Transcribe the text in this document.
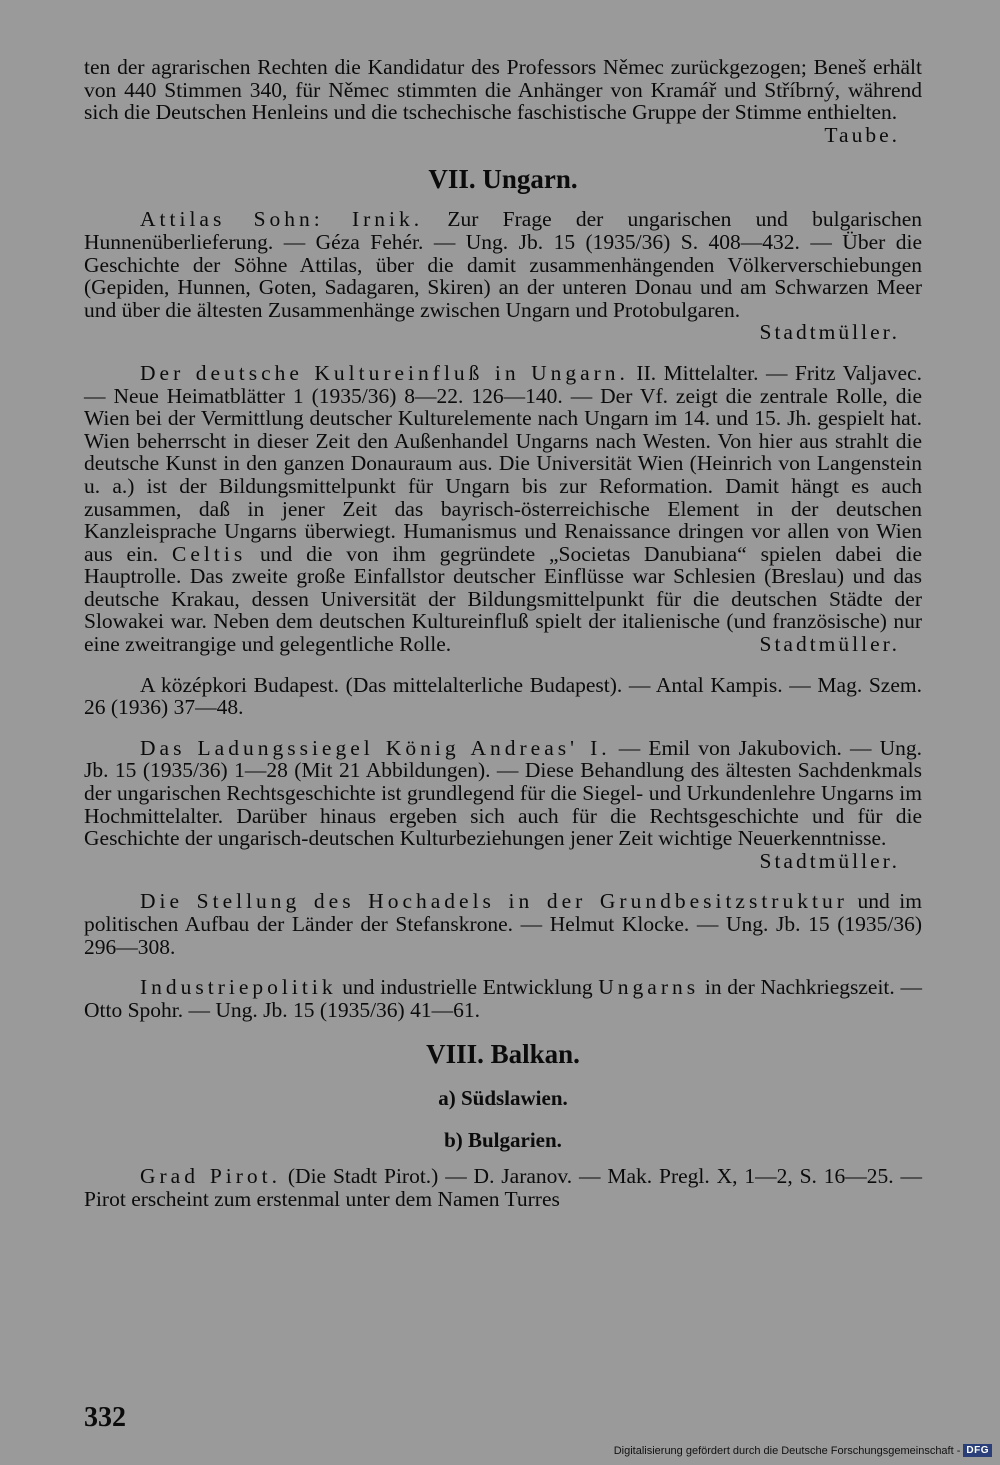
ten der agrarischen Rechten die Kandidatur des Professors Němec zurückgezogen; Beneš erhält von 440 Stimmen 340, für Němec stimmten die Anhänger von Kramář und Stříbrný, während sich die Deutschen Henleins und die tschechische faschistische Gruppe der Stimme enthielten.

Taube.

VII. Ungarn.

Attilas Sohn: Irnik. Zur Frage der ungarischen und bulgarischen Hunnenüberlieferung. — Géza Fehér. — Ung. Jb. 15 (1935/36) S. 408—432. — Über die Geschichte der Söhne Attilas, über die damit zusammenhängenden Völkerverschiebungen (Gepiden, Hunnen, Goten, Sadagaren, Skiren) an der unteren Donau und am Schwarzen Meer und über die ältesten Zusammenhänge zwischen Ungarn und Protobulgaren.

Stadtmüller.

Der deutsche Kultureinfluß in Ungarn. II. Mittelalter. — Fritz Valjavec. — Neue Heimatblätter 1 (1935/36) 8—22. 126—140. — Der Vf. zeigt die zentrale Rolle, die Wien bei der Vermittlung deutscher Kulturelemente nach Ungarn im 14. und 15. Jh. gespielt hat. Wien beherrscht in dieser Zeit den Außenhandel Ungarns nach Westen. Von hier aus strahlt die deutsche Kunst in den ganzen Donauraum aus. Die Universität Wien (Heinrich von Langenstein u. a.) ist der Bildungsmittelpunkt für Ungarn bis zur Reformation. Damit hängt es auch zusammen, daß in jener Zeit das bayrisch-österreichische Element in der deutschen Kanzleisprache Ungarns überwiegt. Humanismus und Renaissance dringen vor allen von Wien aus ein. Celtis und die von ihm gegründete „Societas Danubiana“ spielen dabei die Hauptrolle. Das zweite große Einfallstor deutscher Einflüsse war Schlesien (Breslau) und das deutsche Krakau, dessen Universität der Bildungsmittelpunkt für die deutschen Städte der Slowakei war. Neben dem deutschen Kultureinfluß spielt der italienische (und französische) nur eine zweitrangige und gelegentliche Rolle.	Stadtmüller.

A középkori Budapest. (Das mittelalterliche Budapest). — Antal Kampis. — Mag. Szem. 26 (1936) 37—48.

Das Ladungssiegel König Andreas' I. — Emil von Jakubovich. — Ung. Jb. 15 (1935/36) 1—28 (Mit 21 Abbildungen). — Diese Behandlung des ältesten Sachdenkmals der ungarischen Rechtsgeschichte ist grundlegend für die Siegel- und Urkundenlehre Ungarns im Hochmittelalter. Darüber hinaus ergeben sich auch für die Rechtsgeschichte und für die Geschichte der ungarisch-deutschen Kulturbeziehungen jener Zeit wichtige Neuerkenntnisse.
Stadtmüller.

Die Stellung des Hochadels in der Grundbesitzstruktur und im politischen Aufbau der Länder der Stefanskrone. — Helmut Klocke. — Ung. Jb. 15 (1935/36) 296—308.

Industriepolitik und industrielle Entwicklung Ungarns in der Nachkriegszeit. — Otto Spohr. — Ung. Jb. 15 (1935/36) 41—61.

VIII. Balkan.
a) Südslawien.
b) Bulgarien.

Grad Pirot. (Die Stadt Pirot.) — D. Jaranov. — Mak. Pregl. X, 1—2, S. 16—25. — Pirot erscheint zum erstenmal unter dem Namen Turres

332
Digitalisierung gefördert durch die Deutsche Forschungsgemeinschaft - DFG
